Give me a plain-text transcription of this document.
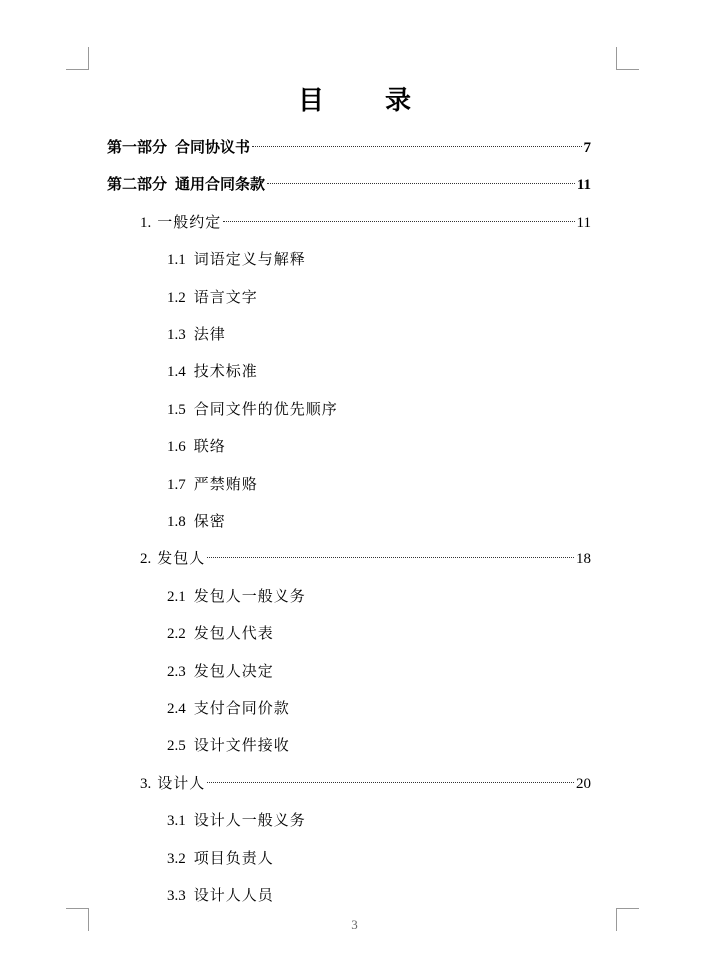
目 录
第一部分 合同协议书	7
第二部分 通用合同条款	11
1. 一般约定	11
1.1 词语定义与解释
1.2 语言文字
1.3 法律
1.4 技术标准
1.5 合同文件的优先顺序
1.6 联络
1.7 严禁贿赂
1.8 保密
2. 发包人	18
2.1 发包人一般义务
2.2 发包人代表
2.3 发包人决定
2.4 支付合同价款
2.5 设计文件接收
3. 设计人	20
3.1 设计人一般义务
3.2 项目负责人
3.3 设计人人员
3
